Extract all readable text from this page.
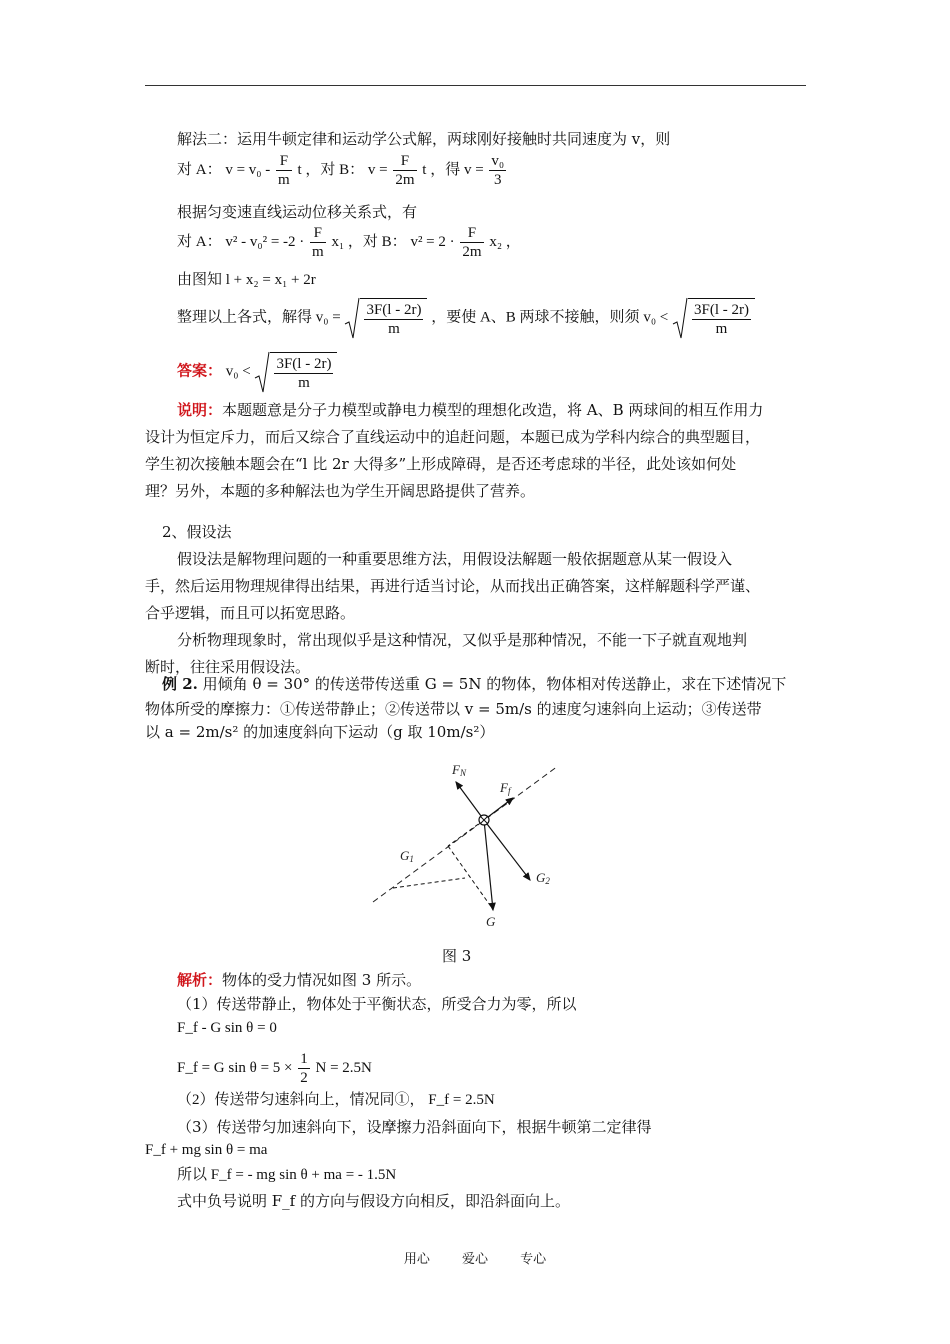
解法二：运用牛顿定律和运动学公式解，两球刚好接触时共同速度为 v，则
对 A： $v = v_0 - \frac{F}{m}$ t ，对 B： $v = \frac{F}{2m}$ t ，得 $v = \frac{\text{v₀}}{3}$
根据匀变速直线运动位移关系式，有
对 A： $v^2 - v_0^2 = -2 \cdot \frac{F}{m} x_1$ ，对 B： $v^2 = 2 \cdot \frac{F}{2m} x_2$ ，
由图知 l + x₂ = x₁ + 2r
整理以上各式，解得 $v_0 = \frac{3F(l - 2r)}{m}$ ，要使 A、B 两球不接触，则须 $v_0 < \frac{3F(l - 2r)}{m}$
答案： $v_0 < \frac{3F(l - 2r)}{m}$
说明：本题题意是分子力模型或静电力模型的理想化改造，将 A、B 两球间的相互作用力
设计为恒定斥力，而后又综合了直线运动中的追赶问题，本题已成为学科内综合的典型题目，
学生初次接触本题会在“l 比 2r 大得多”上形成障碍，是否还考虑球的半径，此处该如何处
理？另外，本题的多种解法也为学生开阔思路提供了营养。
2、假设法
假设法是解物理问题的一种重要思维方法，用假设法解题一般依据题意从某一假设入
手，然后运用物理规律得出结果，再进行适当讨论，从而找出正确答案，这样解题科学严谨、
合乎逻辑，而且可以拓宽思路。
分析物理现象时，常出现似乎是这种情况，又似乎是那种情况，不能一下子就直观地判
断时，往往采用假设法。
例 2. 用倾角 θ = 30° 的传送带传送重 G = 5N 的物体，物体相对传送静止，求在下述情况下
物体所受的摩擦力：①传送带静止；②传送带以 v = 5m/s 的速度匀速斜向上运动；③传送带
以 a = 2m/s² 的加速度斜向下运动（g 取 10m/s²）
FN
Ff
G1
G2
G
图 3
解析：物体的受力情况如图 3 所示。
（1）传送带静止，物体处于平衡状态，所受合力为零，所以
F_f - G sin θ = 0
F_f = G $\sin \theta = 5 \times \frac{1}{2}$ N = 2.5N
（2）传送带匀速斜向上，情况同①， F_f = 2.5N
（3）传送带匀加速斜向下，设摩擦力沿斜面向下，根据牛顿第二定律得
F_f + mg sin θ = ma
所以 F_f = - mg sin θ + ma = - 1.5N
式中负号说明 F_f 的方向与假设方向相反，即沿斜面向上。
用心 爱心 专心
